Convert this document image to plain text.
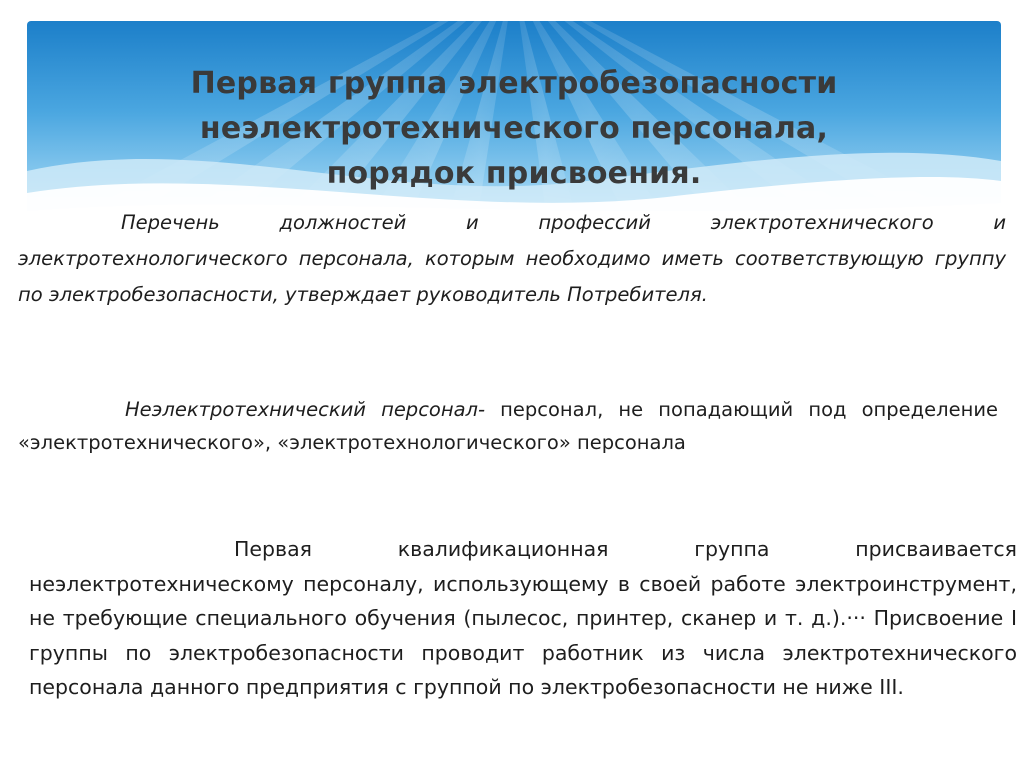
Первая группа электробезопасности
неэлектротехнического персонала,
порядок присвоения.

Перечень должностей и профессий электротехнического и электротехнологического персонала, которым необходимо иметь соответствующую группу по электробезопасности, утверждает руководитель Потребителя.

Неэлектротехнический персонал- персонал, не попадающий под определение «электротехнического», «электротехнологического» персонала

Первая квалификационная группа присваивается неэлектротехническому персоналу, использующему в своей работе электроинструмент, не требующие специального обучения (пылесос, принтер, сканер и т. д.).··· Присвоение I группы по электробезопасности проводит работник из числа электротехнического персонала данного предприятия с группой по электробезопасности не ниже III.
